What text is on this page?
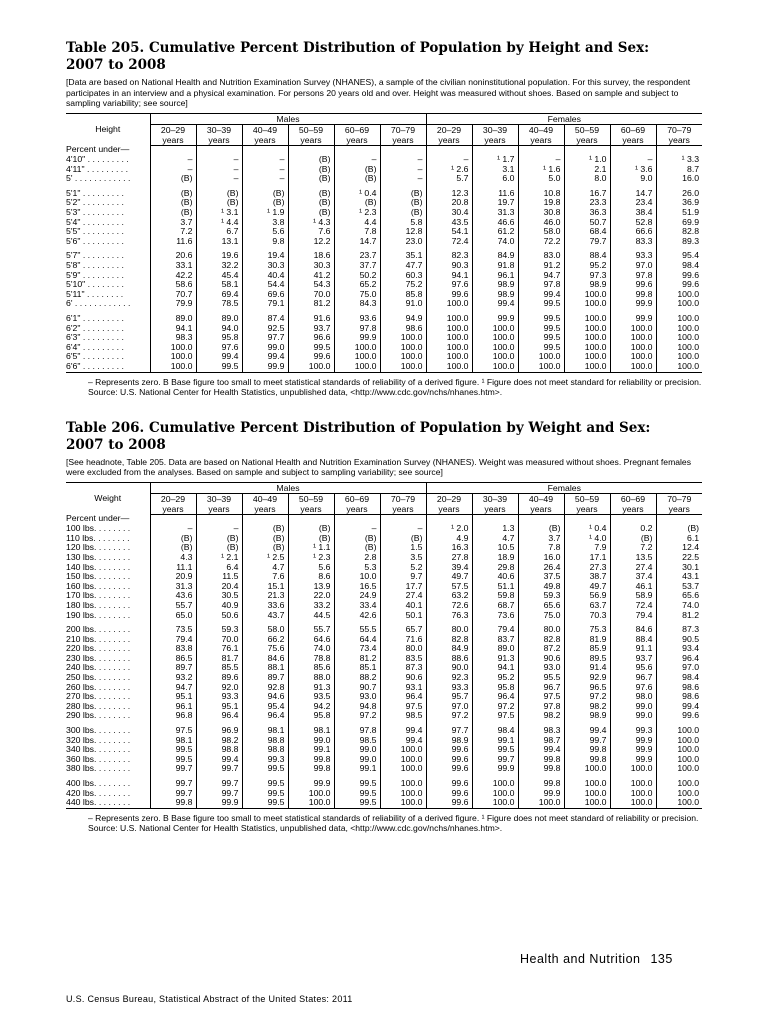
Table 205. Cumulative Percent Distribution of Population by Height and Sex:
2007 to 2008

[Data are based on National Health and Nutrition Examination Survey (NHANES), a sample of the civilian noninstitutional population. For this survey, the respondent participates in an interview and a physical examination. For persons 20 years old and over. Height was measured without shoes. Based on sample and subject to sampling variability; see source]

Height	Males						Females					
	20–29	30–39	40–49	50–59	60–69	70–79	20–29	30–39	40–49	50–59	60–69	70–79
	years	years	years	years	years	years	years	years	years	years	years	years
Percent under—												
4'10" . . . . . . . . .	–	–	–	(B)	–	–	–	¹ 1.7	–	¹ 1.0	–	¹ 3.3
4'11" . . . . . . . . .	–	–	–	(B)	(B)	–	¹ 2.6	3.1	¹ 1.6	2.1	¹ 3.6	8.7
5' . . . . . . . . . . . .	(B)	–	–	(B)	(B)	–	5.7	6.0	5.0	8.0	9.0	16.0

5'1" . . . . . . . . .	(B)	(B)	(B)	(B)	¹ 0.4	(B)	12.3	11.6	10.8	16.7	14.7	26.0
5'2" . . . . . . . . .	(B)	(B)	(B)	(B)	(B)	(B)	20.8	19.7	19.8	23.3	23.4	36.9
5'3" . . . . . . . . .	(B)	¹ 3.1	¹ 1.9	(B)	¹ 2.3	(B)	30.4	31.3	30.8	36.3	38.4	51.9
5'4" . . . . . . . . .	3.7	¹ 4.4	3.8	¹ 4.3	4.4	5.8	43.5	46.6	46.0	50.7	52.8	69.9
5'5" . . . . . . . . .	7.2	6.7	5.6	7.6	7.8	12.8	54.1	61.2	58.0	68.4	66.6	82.8
5'6" . . . . . . . . .	11.6	13.1	9.8	12.2	14.7	23.0	72.4	74.0	72.2	79.7	83.3	89.3

5'7" . . . . . . . . .	20.6	19.6	19.4	18.6	23.7	35.1	82.3	84.9	83.0	88.4	93.3	95.4
5'8" . . . . . . . . .	33.1	32.2	30.3	30.3	37.7	47.7	90.3	91.8	91.2	95.2	97.0	98.4
5'9" . . . . . . . . .	42.2	45.4	40.4	41.2	50.2	60.3	94.1	96.1	94.7	97.3	97.8	99.6
5'10" . . . . . . . .	58.6	58.1	54.4	54.3	65.2	75.2	97.6	98.9	97.8	98.9	99.6	99.6
5'11" . . . . . . . .	70.7	69.4	69.6	70.0	75.0	85.8	99.6	98.9	99.4	100.0	99.8	100.0
6' . . . . . . . . . . . .	79.9	78.5	79.1	81.2	84.3	91.0	100.0	99.4	99.5	100.0	99.9	100.0

6'1" . . . . . . . . .	89.0	89.0	87.4	91.6	93.6	94.9	100.0	99.9	99.5	100.0	99.9	100.0
6'2" . . . . . . . . .	94.1	94.0	92.5	93.7	97.8	98.6	100.0	100.0	99.5	100.0	100.0	100.0
6'3" . . . . . . . . .	98.3	95.8	97.7	96.6	99.9	100.0	100.0	100.0	99.5	100.0	100.0	100.0
6'4" . . . . . . . . .	100.0	97.6	99.0	99.5	100.0	100.0	100.0	100.0	99.5	100.0	100.0	100.0
6'5" . . . . . . . . .	100.0	99.4	99.4	99.6	100.0	100.0	100.0	100.0	100.0	100.0	100.0	100.0
6'6" . . . . . . . . .	100.0	99.5	99.9	100.0	100.0	100.0	100.0	100.0	100.0	100.0	100.0	100.0

– Represents zero. B Base figure too small to meet statistical standards of reliability of a derived figure. ¹ Figure does not meet standard for reliability or precision.

Source: U.S. National Center for Health Statistics, unpublished data, <http://www.cdc.gov/nchs/nhanes.htm>.

Table 206. Cumulative Percent Distribution of Population by Weight and Sex:
2007 to 2008

[See headnote, Table 205. Data are based on National Health and Nutrition Examination Survey (NHANES). Weight was measured without shoes. Pregnant females were excluded from the analyses. Based on sample and subject to sampling variability; see source]

Weight	Males						Females					
	20–29	30–39	40–49	50–59	60–69	70–79	20–29	30–39	40–49	50–59	60–69	70–79
	years	years	years	years	years	years	years	years	years	years	years	years
Percent under—												
100 lbs. . . . . . . .	–	–	(B)	(B)	–	–	¹ 2.0	1.3	(B)	¹ 0.4	0.2	(B)
110 lbs. . . . . . . .	(B)	(B)	(B)	(B)	(B)	(B)	4.9	4.7	3.7	¹ 4.0	(B)	6.1
120 lbs. . . . . . . .	(B)	(B)	(B)	¹ 1.1	(B)	1.5	16.3	10.5	7.8	7.9	7.2	12.4
130 lbs. . . . . . . .	4.3	¹ 2.1	¹ 2.5	¹ 2.3	2.8	3.5	27.8	18.9	16.0	17.1	13.5	22.5
140 lbs. . . . . . . .	11.1	6.4	4.7	5.6	5.3	5.2	39.4	29.8	26.4	27.3	27.4	30.1
150 lbs. . . . . . . .	20.9	11.5	7.6	8.6	10.0	9.7	49.7	40.6	37.5	38.7	37.4	43.1
160 lbs. . . . . . . .	31.3	20.4	15.1	13.9	16.5	17.7	57.5	51.1	49.8	49.7	46.1	53.7
170 lbs. . . . . . . .	43.6	30.5	21.3	22.0	24.9	27.4	63.2	59.8	59.3	56.9	58.9	65.6
180 lbs. . . . . . . .	55.7	40.9	33.6	33.2	33.4	40.1	72.6	68.7	65.6	63.7	72.4	74.0
190 lbs. . . . . . . .	65.0	50.6	43.7	44.5	42.6	50.1	76.3	73.6	75.0	70.3	79.4	81.2

200 lbs. . . . . . . .	73.5	59.3	58.0	55.7	55.5	65.7	80.0	79.4	80.0	75.3	84.6	87.3
210 lbs. . . . . . . .	79.4	70.0	66.2	64.6	64.4	71.6	82.8	83.7	82.8	81.9	88.4	90.5
220 lbs. . . . . . . .	83.8	76.1	75.6	74.0	73.4	80.0	84.9	89.0	87.2	85.9	91.1	93.4
230 lbs. . . . . . . .	86.5	81.7	84.6	78.8	81.2	83.5	88.6	91.3	90.6	89.5	93.7	96.4
240 lbs. . . . . . . .	89.7	85.5	88.1	85.6	85.1	87.3	90.0	94.1	93.0	91.4	95.6	97.0
250 lbs. . . . . . . .	93.2	89.6	89.7	88.0	88.2	90.6	92.3	95.2	95.5	92.9	96.7	98.4
260 lbs. . . . . . . .	94.7	92.0	92.8	91.3	90.7	93.1	93.3	95.8	96.7	96.5	97.6	98.6
270 lbs. . . . . . . .	95.1	93.3	94.6	93.5	93.0	96.4	95.7	96.4	97.5	97.2	98.0	98.6
280 lbs. . . . . . . .	96.1	95.1	95.4	94.2	94.8	97.5	97.0	97.2	97.8	98.2	99.0	99.4
290 lbs. . . . . . . .	96.8	96.4	96.4	95.8	97.2	98.5	97.2	97.5	98.2	98.9	99.0	99.6

300 lbs. . . . . . . .	97.5	96.9	98.1	98.1	97.8	99.4	97.7	98.4	98.3	99.4	99.3	100.0
320 lbs. . . . . . . .	98.1	98.2	98.8	99.0	98.5	99.4	98.9	99.1	98.7	99.7	99.9	100.0
340 lbs. . . . . . . .	99.5	98.8	98.8	99.1	99.0	100.0	99.6	99.5	99.4	99.8	99.9	100.0
360 lbs. . . . . . . .	99.5	99.4	99.3	99.8	99.0	100.0	99.6	99.7	99.8	99.8	99.9	100.0
380 lbs. . . . . . . .	99.7	99.7	99.5	99.8	99.1	100.0	99.6	99.9	99.8	100.0	100.0	100.0

400 lbs. . . . . . . .	99.7	99.7	99.5	99.9	99.5	100.0	99.6	100.0	99.8	100.0	100.0	100.0
420 lbs. . . . . . . .	99.7	99.7	99.5	100.0	99.5	100.0	99.6	100.0	99.9	100.0	100.0	100.0
440 lbs. . . . . . . .	99.8	99.9	99.5	100.0	99.5	100.0	99.6	100.0	100.0	100.0	100.0	100.0

– Represents zero. B Base figure too small to meet statistical standards of reliability of a derived figure. ¹ Figure does not meet standard of reliability or precision.

Source: U.S. National Center for Health Statistics, unpublished data, <http://www.cdc.gov/nchs/nhanes.htm>.

Health and Nutrition 135
U.S. Census Bureau, Statistical Abstract of the United States: 2011
